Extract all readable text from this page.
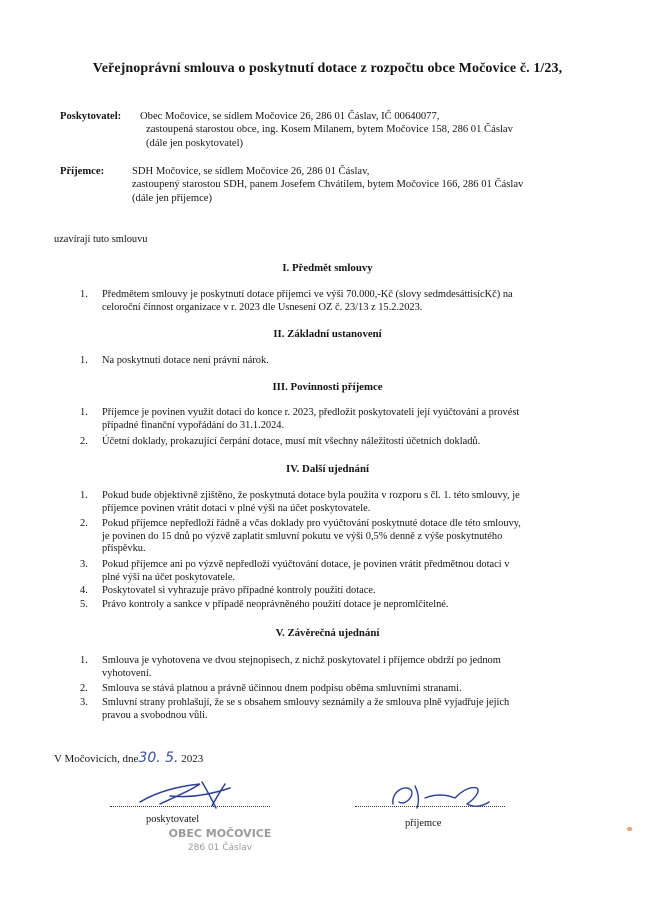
Veřejnoprávní smlouva o poskytnutí dotace z rozpočtu obce Močovice č. 1/23,
Poskytovatel: Obec Močovice, se sídlem Močovice 26, 286 01 Čáslav, IČ 00640077,
zastoupená starostou obce, ing. Kosem Milanem, bytem Močovice 158, 286 01 Čáslav
(dále jen poskytovatel)
Příjemce:	SDH Močovice, se sídlem Močovice 26, 286 01 Čáslav,
zastoupený starostou SDH, panem Josefem Chvátilem, bytem Močovice 166, 286 01 Čáslav
(dále jen příjemce)
uzavírají tuto smlouvu
I. Předmět smlouvy
1.	Předmětem smlouvy je poskytnutí dotace příjemci ve výši 70.000,-Kč (slovy sedmdesáttisícKč) na
celoroční činnost organizace v r. 2023 dle Usnesení OZ č. 23/13 z 15.2.2023.
II. Základní ustanovení
1.	Na poskytnutí dotace není právní nárok.
III. Povinnosti příjemce
1.	Příjemce je povinen využít dotaci do konce r. 2023, předložit poskytovateli její vyúčtování a provést
případné finanční vypořádání do 31.1.2024.
2.	Účetní doklady, prokazující čerpání dotace, musí mít všechny náležitosti účetních dokladů.
IV. Další ujednání
1.	Pokud bude objektivně zjištěno, že poskytnutá dotace byla použita v rozporu s čl. 1. této smlouvy, je
příjemce povinen vrátit dotaci v plné výši na účet poskytovatele.
2.	Pokud příjemce nepředloží řádně a včas doklady pro vyúčtování poskytnuté dotace dle této smlouvy,
je povinen do 15 dnů po výzvě zaplatit smluvní pokutu ve výši 0,5% denně z výše poskytnutého
příspěvku.
3.	Pokud příjemce ani po výzvě nepředloží vyúčtování dotace, je povinen vrátit předmětnou dotaci v
plné výši na účet poskytovatele.
4.	Poskytovatel si vyhrazuje právo případné kontroly použití dotace.
5.	Právo kontroly a sankce v případě neoprávněného použití dotace je nepromlčitelné.
V. Závěrečná ujednání
1.	Smlouva je vyhotovena ve dvou stejnopisech, z nichž poskytovatel i příjemce obdrží po jednom
vyhotovení.
2.	Smlouva se stává platnou a právně účinnou dnem podpisu oběma smluvními stranami.
3.	Smluvní strany prohlašují, že se s obsahem smlouvy seznámily a že smlouva plně vyjadřuje jejich
pravou a svobodnou vůli.
V Močovicích, dne30. 5. 2023
poskytovatel	příjemce
OBEC MOČOVICE
286 01 Čáslav
